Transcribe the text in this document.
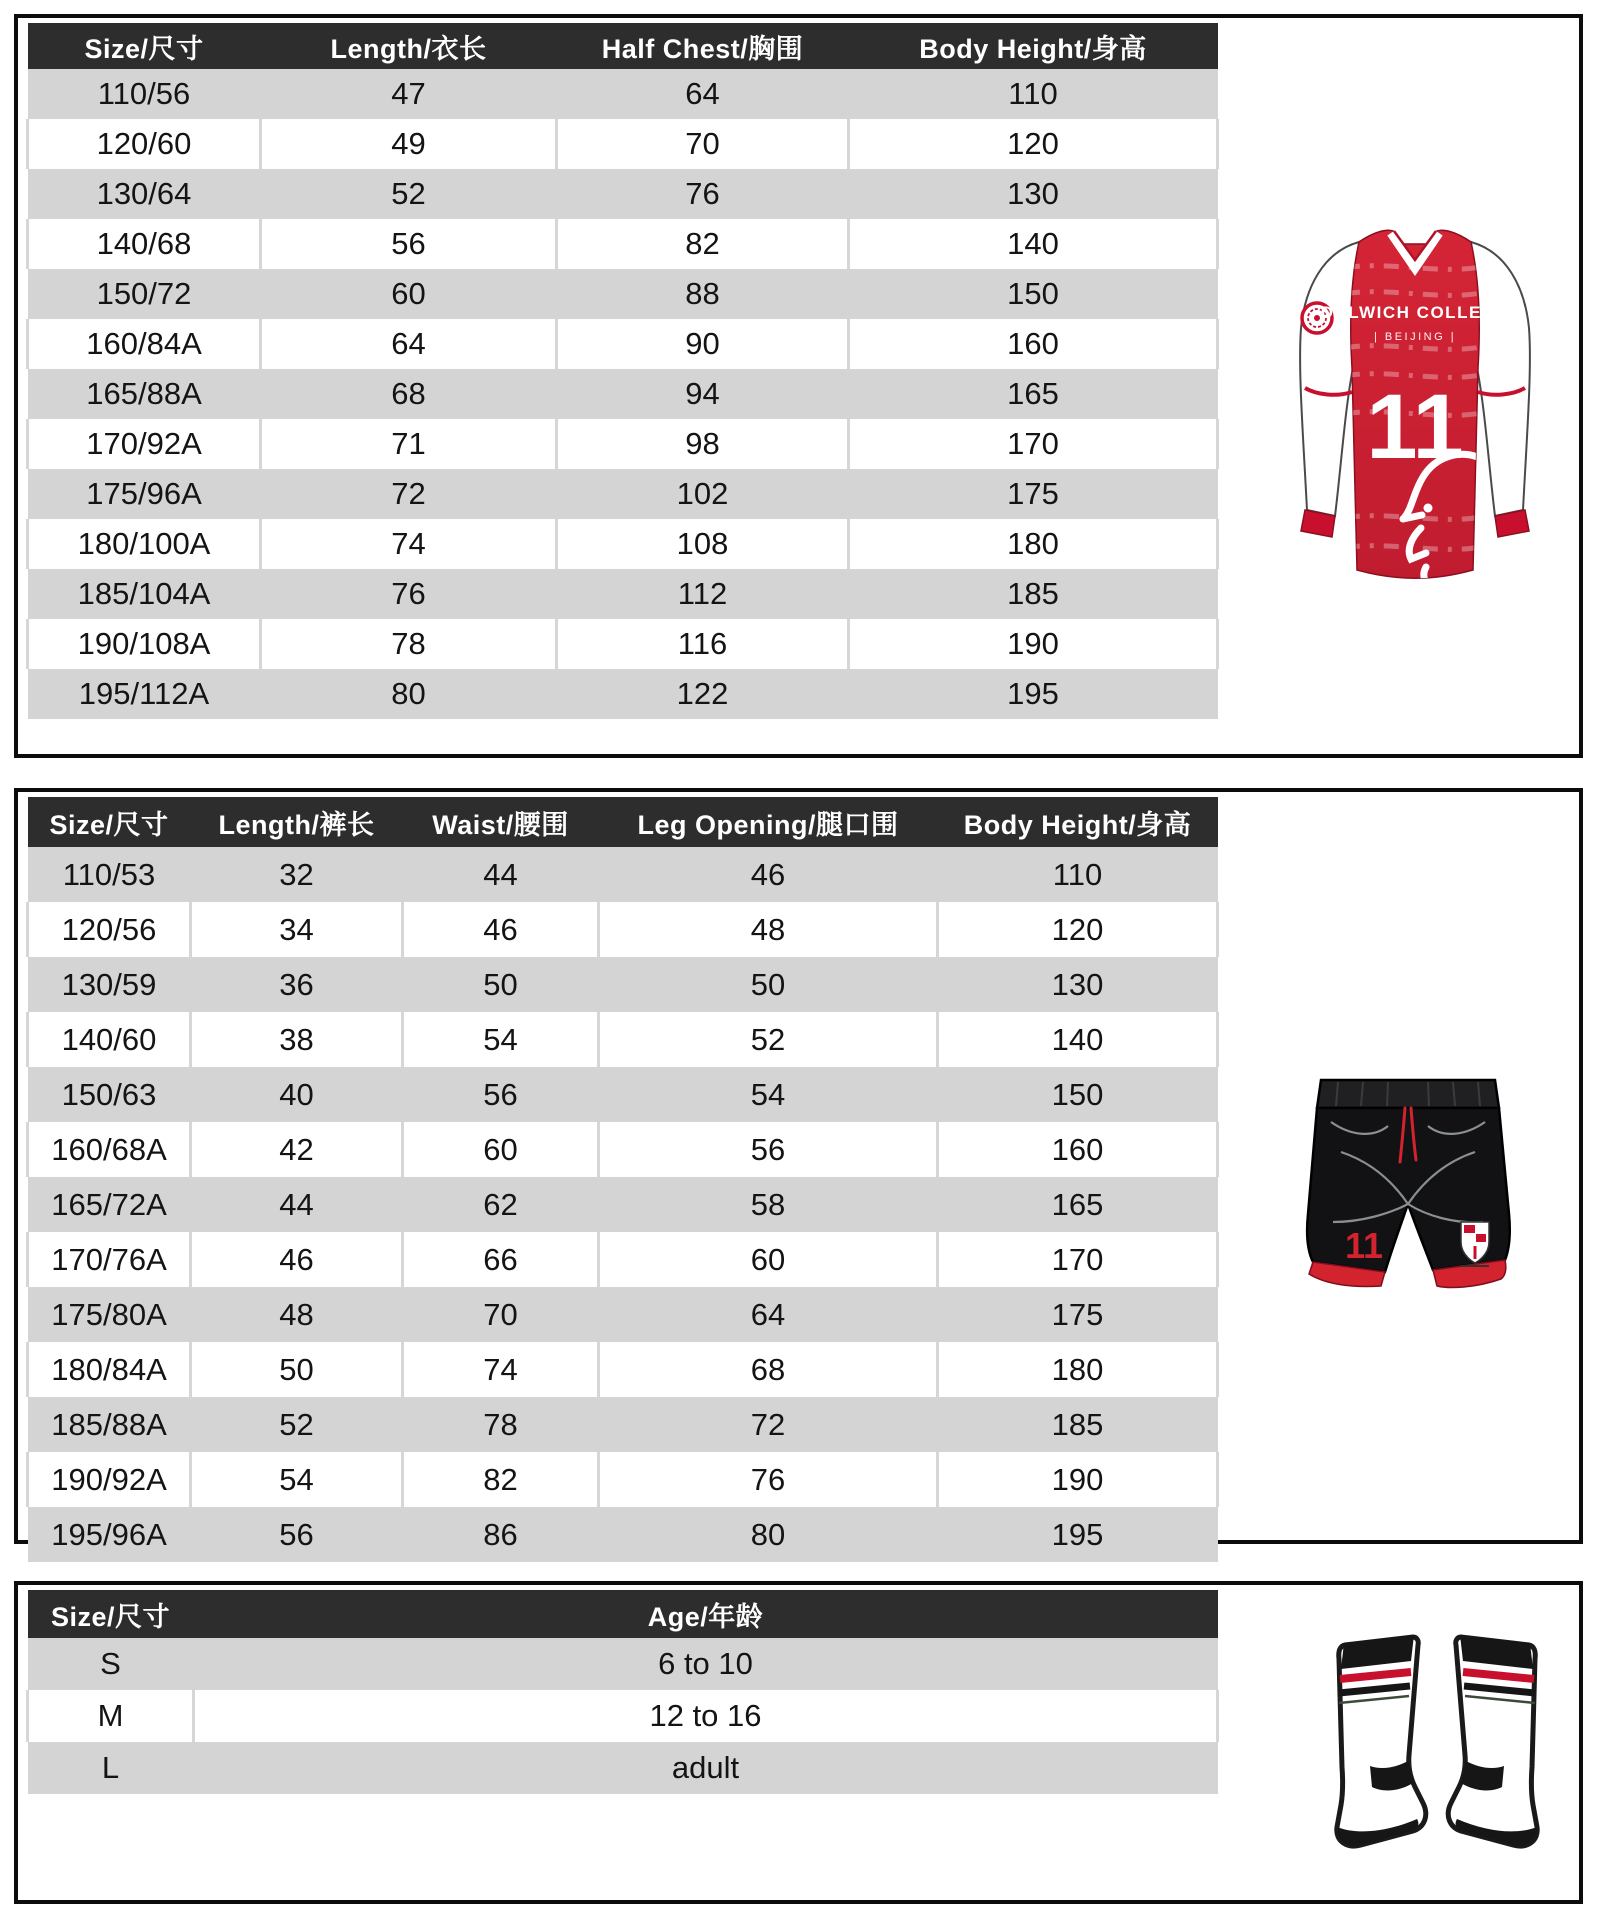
Size/尺寸	Length/衣长	Half Chest/胸围	Body Height/身高
110/56	47	64	110
120/60	49	70	120
130/64	52	76	130
140/68	56	82	140
150/72	60	88	150
160/84A	64	90	160
165/88A	68	94	165
170/92A	71	98	170
175/96A	72	102	175
180/100A	74	108	180
185/104A	76	112	185
190/108A	78	116	190
195/112A	80	122	195
DULWICH COLLEGE
| BEIJING |
11
Size/尺寸	Length/裤长	Waist/腰围	Leg Opening/腿口围	Body Height/身高
110/53	32	44	46	110
120/56	34	46	48	120
130/59	36	50	50	130
140/60	38	54	52	140
150/63	40	56	54	150
160/68A	42	60	56	160
165/72A	44	62	58	165
170/76A	46	66	60	170
175/80A	48	70	64	175
180/84A	50	74	68	180
185/88A	52	78	72	185
190/92A	54	82	76	190
195/96A	56	86	80	195
11
Size/尺寸	Age/年龄
S	6 to 10
M	12 to 16
L	adult
